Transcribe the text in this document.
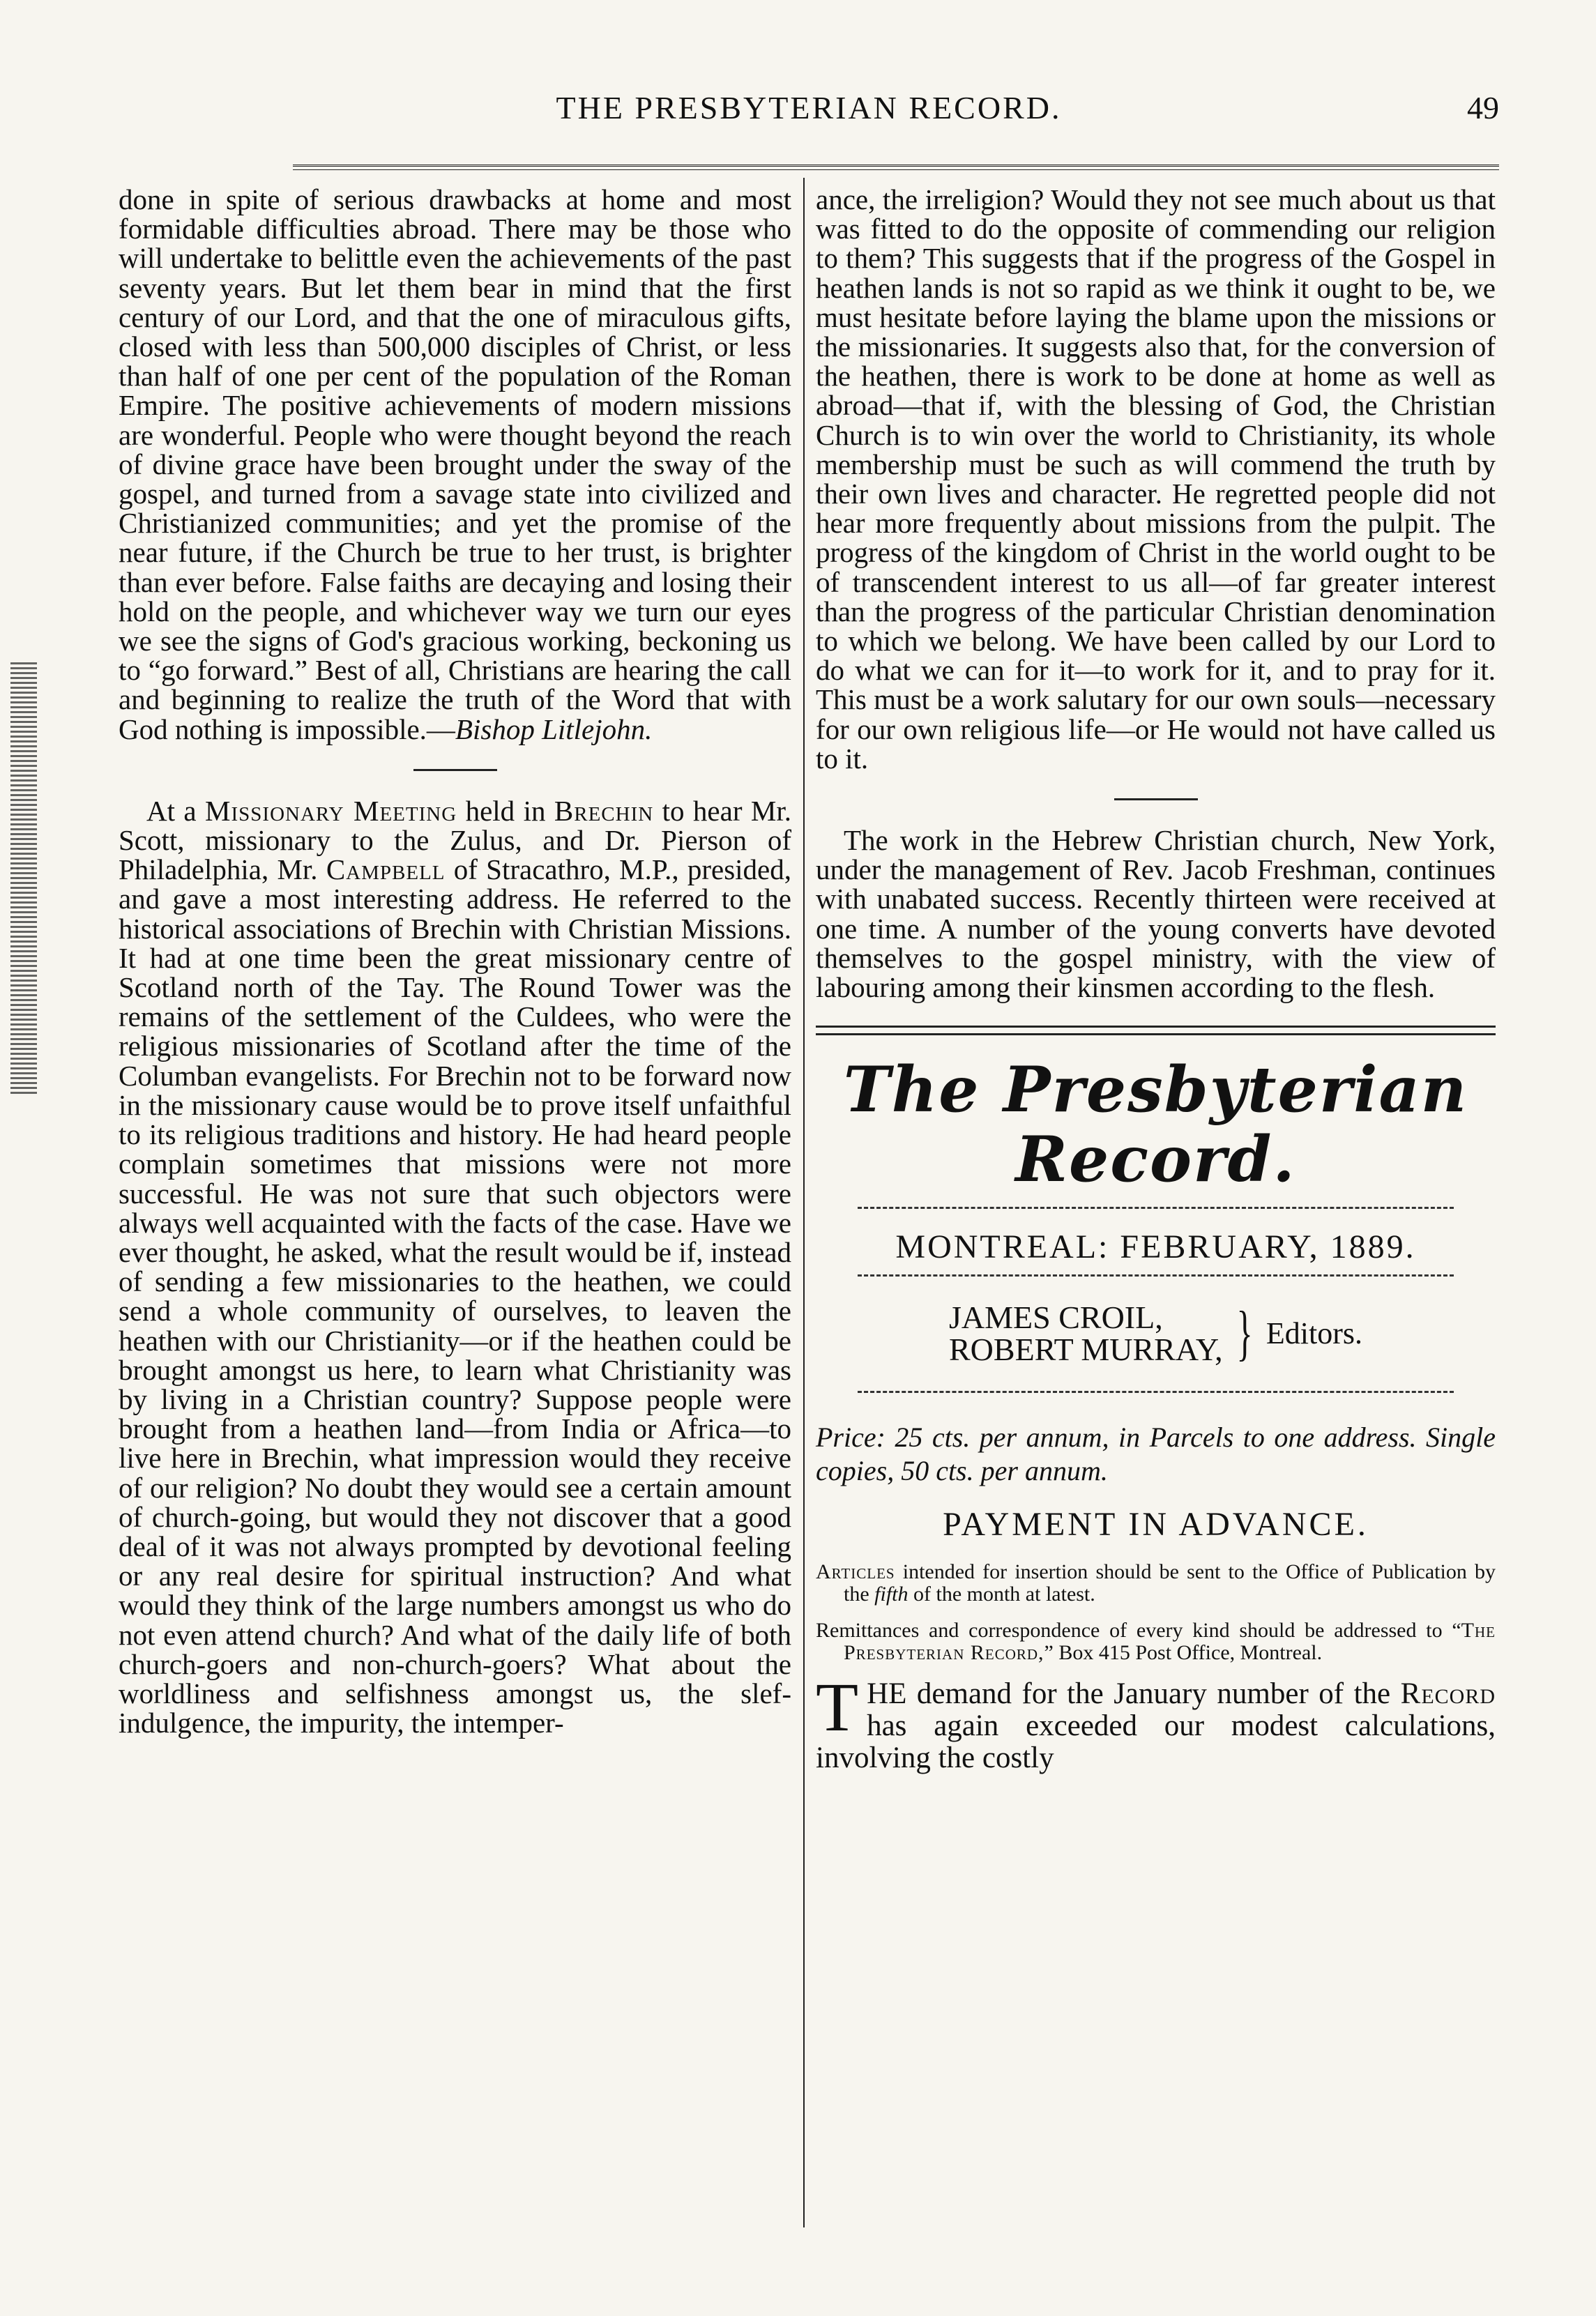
THE PRESBYTERIAN RECORD.	49

done in spite of serious drawbacks at home and most formidable difficulties abroad. There may be those who will undertake to belittle even the achievements of the past seventy years. But let them bear in mind that the first century of our Lord, and that the one of miraculous gifts, closed with less than 500,000 disciples of Christ, or less than half of one per cent of the population of the Roman Empire. The positive achievements of modern missions are wonderful. People who were thought beyond the reach of divine grace have been brought under the sway of the gospel, and turned from a savage state into civilized and Christianized communities; and yet the promise of the near future, if the Church be true to her trust, is brighter than ever before. False faiths are decaying and losing their hold on the people, and whichever way we turn our eyes we see the signs of God's gracious working, beckoning us to “go forward.” Best of all, Christians are hearing the call and beginning to realize the truth of the Word that with God nothing is impossible.—Bishop Litlejohn.

At a Missionary Meeting held in Brechin to hear Mr. Scott, missionary to the Zulus, and Dr. Pierson of Philadelphia, Mr. Campbell of Stracathro, M.P., presided, and gave a most interesting address. He referred to the historical associations of Brechin with Christian Missions. It had at one time been the great missionary centre of Scotland north of the Tay. The Round Tower was the remains of the settlement of the Culdees, who were the religious missionaries of Scotland after the time of the Columban evangelists. For Brechin not to be forward now in the missionary cause would be to prove itself unfaithful to its religious traditions and history. He had heard people complain sometimes that missions were not more successful. He was not sure that such objectors were always well acquainted with the facts of the case. Have we ever thought, he asked, what the result would be if, instead of sending a few missionaries to the heathen, we could send a whole community of ourselves, to leaven the heathen with our Christianity—or if the heathen could be brought amongst us here, to learn what Christianity was by living in a Christian country? Suppose people were brought from a heathen land—from India or Africa—to live here in Brechin, what impression would they receive of our religion? No doubt they would see a certain amount of church-going, but would they not discover that a good deal of it was not always prompted by devotional feeling or any real desire for spiritual instruction? And what would they think of the large numbers amongst us who do not even attend church? And what of the daily life of both church-goers and non-church-goers? What about the worldliness and selfishness amongst us, the slef-indulgence, the impurity, the intemper-

ance, the irreligion? Would they not see much about us that was fitted to do the opposite of commending our religion to them? This suggests that if the progress of the Gospel in heathen lands is not so rapid as we think it ought to be, we must hesitate before laying the blame upon the missions or the missionaries. It suggests also that, for the conversion of the heathen, there is work to be done at home as well as abroad—that if, with the blessing of God, the Christian Church is to win over the world to Christianity, its whole membership must be such as will commend the truth by their own lives and character. He regretted people did not hear more frequently about missions from the pulpit. The progress of the kingdom of Christ in the world ought to be of transcendent interest to us all—of far greater interest than the progress of the particular Christian denomination to which we belong. We have been called by our Lord to do what we can for it—to work for it, and to pray for it. This must be a work salutary for our own souls—necessary for our own religious life—or He would not have called us to it.

The work in the Hebrew Christian church, New York, under the management of Rev. Jacob Freshman, continues with unabated success. Recently thirteen were received at one time. A number of the young converts have devoted themselves to the gospel ministry, with the view of labouring among their kinsmen according to the flesh.

The Presbyterian Record.
MONTREAL: FEBRUARY, 1889.
JAMES CROIL,
ROBERT MURRAY, } Editors.
Price: 25 cts. per annum, in Parcels to one address. Single copies, 50 cts. per annum.
PAYMENT IN ADVANCE.
Articles intended for insertion should be sent to the Office of Publication by the fifth of the month at latest.
Remittances and correspondence of every kind should be addressed to “The Presbyterian Record,” Box 415 Post Office, Montreal.

THE demand for the January number of the Record has again exceeded our modest calculations, involving the costly
